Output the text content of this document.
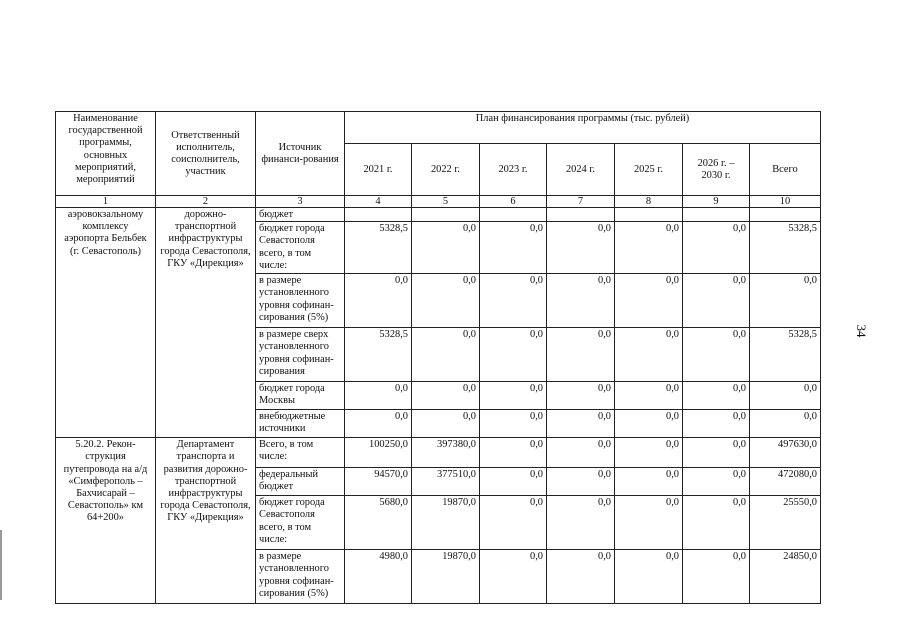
Наименование государственной программы, основных мероприятий, мероприятий	Ответственный исполнитель, соисполнитель, участник	Источник финанси-рования	План финансирования программы (тыс. рублей)						
			2021 г.	2022 г.	2023 г.	2024 г.	2025 г.	2026 г. – 2030 г.	Всего
1	2	3	4	5	6	7	8	9	10
аэровокзальному комплексу аэропорта Бельбек (г. Севастополь)	дорожно-транспортной инфраструктуры города Севастополя, ГКУ «Дирекция»	бюджет							
		бюджет города Севастополя всего, в том числе:	5328,5	0,0	0,0	0,0	0,0	0,0	5328,5
		в размере установленного уровня софинан-сирования (5%)	0,0	0,0	0,0	0,0	0,0	0,0	0,0
		в размере сверх установленного уровня софинан-сирования	5328,5	0,0	0,0	0,0	0,0	0,0	5328,5
		бюджет города Москвы	0,0	0,0	0,0	0,0	0,0	0,0	0,0
		внебюджетные источники	0,0	0,0	0,0	0,0	0,0	0,0	0,0
5.20.2. Рекон-струкция путепровода на а/д «Симферополь – Бахчисарай – Севастополь» км 64+200»	Департамент транспорта и развития дорожно-транспортной инфраструктуры города Севастополя, ГКУ «Дирекция»	Всего, в том числе:	100250,0	397380,0	0,0	0,0	0,0	0,0	497630,0
		федеральный бюджет	94570,0	377510,0	0,0	0,0	0,0	0,0	472080,0
		бюджет города Севастополя всего, в том числе:	5680,0	19870,0	0,0	0,0	0,0	0,0	25550,0
		в размере установленного уровня софинан-сирования (5%)	4980,0	19870,0	0,0	0,0	0,0	0,0	24850,0
34
